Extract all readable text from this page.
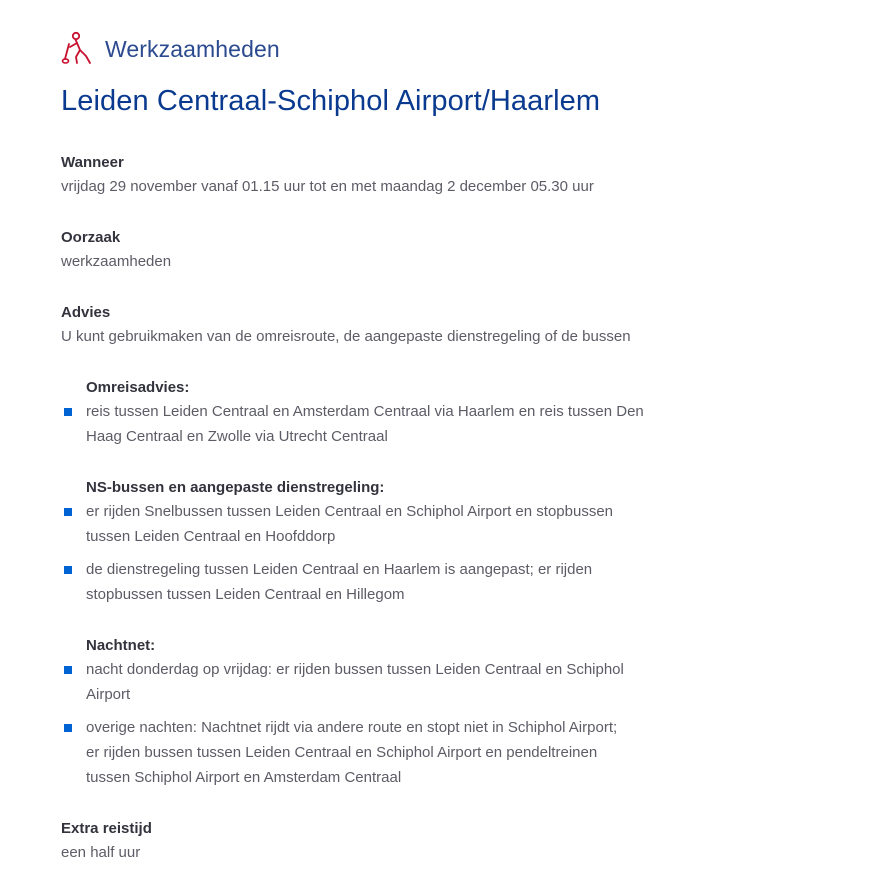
Werkzaamheden
Leiden Centraal-Schiphol Airport/Haarlem
Wanneer
vrijdag 29 november vanaf 01.15 uur tot en met maandag 2 december 05.30 uur
Oorzaak
werkzaamheden
Advies
U kunt gebruikmaken van de omreisroute, de aangepaste dienstregeling of de bussen
Omreisadvies:
reis tussen Leiden Centraal en Amsterdam Centraal via Haarlem en reis tussen Den
Haag Centraal en Zwolle via Utrecht Centraal
NS-bussen en aangepaste dienstregeling:
er rijden Snelbussen tussen Leiden Centraal en Schiphol Airport en stopbussen
tussen Leiden Centraal en Hoofddorp
de dienstregeling tussen Leiden Centraal en Haarlem is aangepast; er rijden
stopbussen tussen Leiden Centraal en Hillegom
Nachtnet:
nacht donderdag op vrijdag: er rijden bussen tussen Leiden Centraal en Schiphol
Airport
overige nachten: Nachtnet rijdt via andere route en stopt niet in Schiphol Airport;
er rijden bussen tussen Leiden Centraal en Schiphol Airport en pendeltreinen
tussen Schiphol Airport en Amsterdam Centraal
Extra reistijd
een half uur
